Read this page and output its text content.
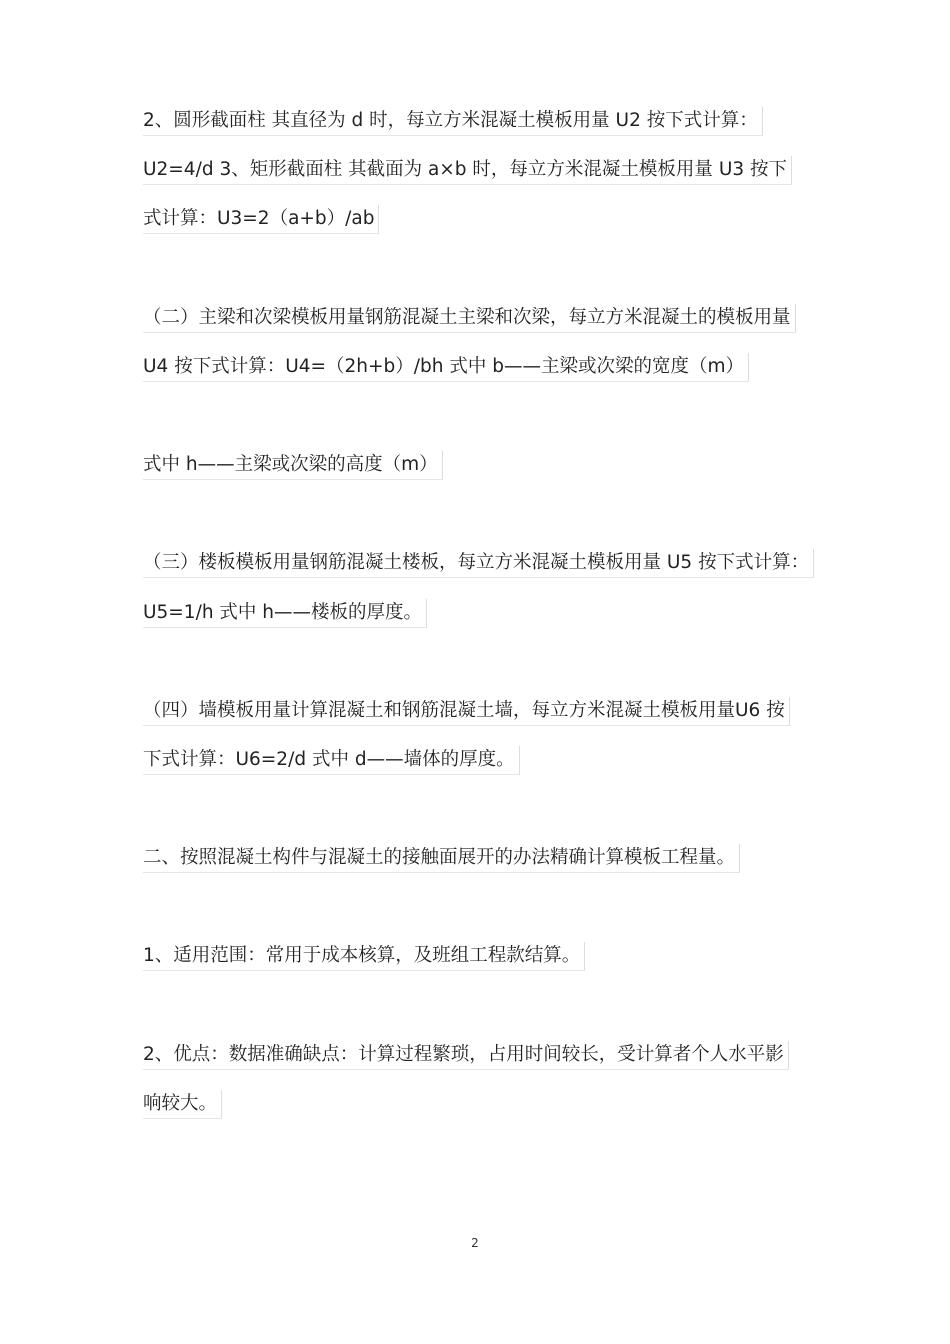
2、圆形截面柱 其直径为 d 时，每立方米混凝土模板用量 U2 按下式计算：
U2=4/d 3、矩形截面柱 其截面为 a×b 时，每立方米混凝土模板用量 U3 按下
式计算：U3=2（a+b）/ab
（二）主梁和次梁模板用量钢筋混凝土主梁和次梁，每立方米混凝土的模板用量
U4 按下式计算：U4=（2h+b）/bh 式中 b——主梁或次梁的宽度（m）
式中 h——主梁或次梁的高度（m）
（三）楼板模板用量钢筋混凝土楼板，每立方米混凝土模板用量 U5 按下式计算：
U5=1/h 式中 h——楼板的厚度。
（四）墙模板用量计算混凝土和钢筋混凝土墙，每立方米混凝土模板用量U6 按
下式计算：U6=2/d 式中 d——墙体的厚度。
二、按照混凝土构件与混凝土的接触面展开的办法精确计算模板工程量。
1、适用范围：常用于成本核算，及班组工程款结算。
2、优点：数据准确缺点：计算过程繁琐，占用时间较长，受计算者个人水平影
响较大。
2
